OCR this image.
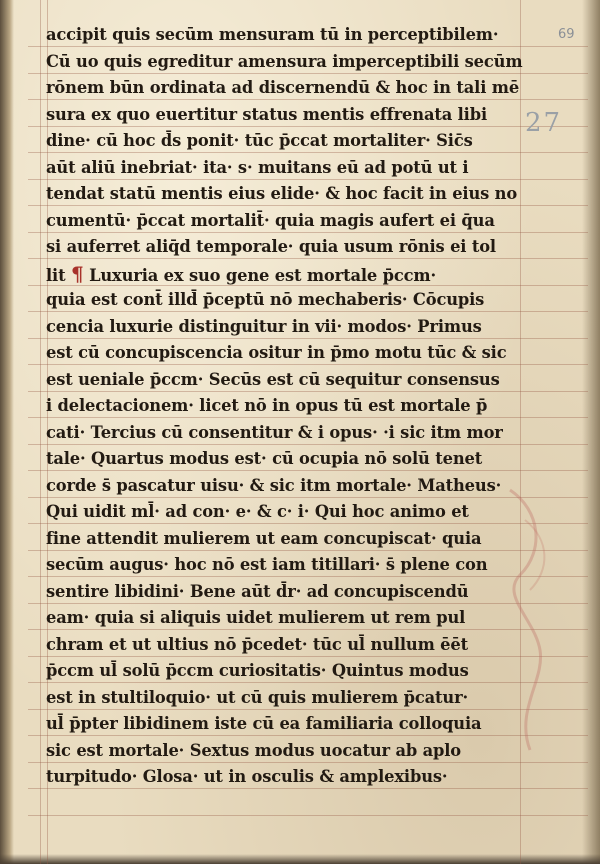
69
27
accipit quis secūm mensuram tū in perceptibilem·
Cū uo quis egreditur amensura imperceptibili secūm
rōnem būn ordinata ad discernendū & hoc in tali mē
sura ex quo euertitur status mentis effrenata libi
dine· cū hoc d̄s ponit· tūc p̄ccat mortaliter· Sic̄s
aūt aliū inebriat· ita· s· muitans eū ad potū ut i
tendat statū mentis eius elide· & hoc facit in eius no
cumentū· p̄ccat mortalit̄· quia magis aufert ei q̄ua
si auferret aliq̄d temporale· quia usum rōnis ei tol
lit ¶ Luxuria ex suo gene est mortale p̄ccm·
quia est cont̄ illd̄ p̄ceptū nō mechaberis· Cōcupis
cencia luxurie distinguitur in vii· modos· Primus
est cū concupiscencia ositur in p̄mo motu tūc & sic
est ueniale p̄ccm· Secūs est cū sequitur consensus
i delectacionem· licet nō in opus tū est mortale p̄
cati· Tercius cū consentitur & i opus· ·i sic itm mor
tale· Quartus modus est· cū ocupia nō solū tenet
corde s̄ pascatur uisu· & sic itm mortale· Matheus·
Qui uidit ml̄· ad con· e· & c· i· Qui hoc animo et
fine attendit mulierem ut eam concupiscat· quia
secūm augus· hoc nō est iam titillari· s̄ plene con
sentire libidini· Bene aūt d̄r· ad concupiscendū
eam· quia si aliquis uidet mulierem ut rem pul
chram et ut ultius nō p̄cedet· tūc ul̄ nullum ēēt
p̄ccm ul̄ solū p̄ccm curiositatis· Quintus modus
est in stultiloquio· ut cū quis mulierem p̄catur·
ul̄ p̄pter libidinem iste cū ea familiaria colloquia
sic est mortale· Sextus modus uocatur ab aplo
turpitudo· Glosa· ut in osculis & amplexibus·
